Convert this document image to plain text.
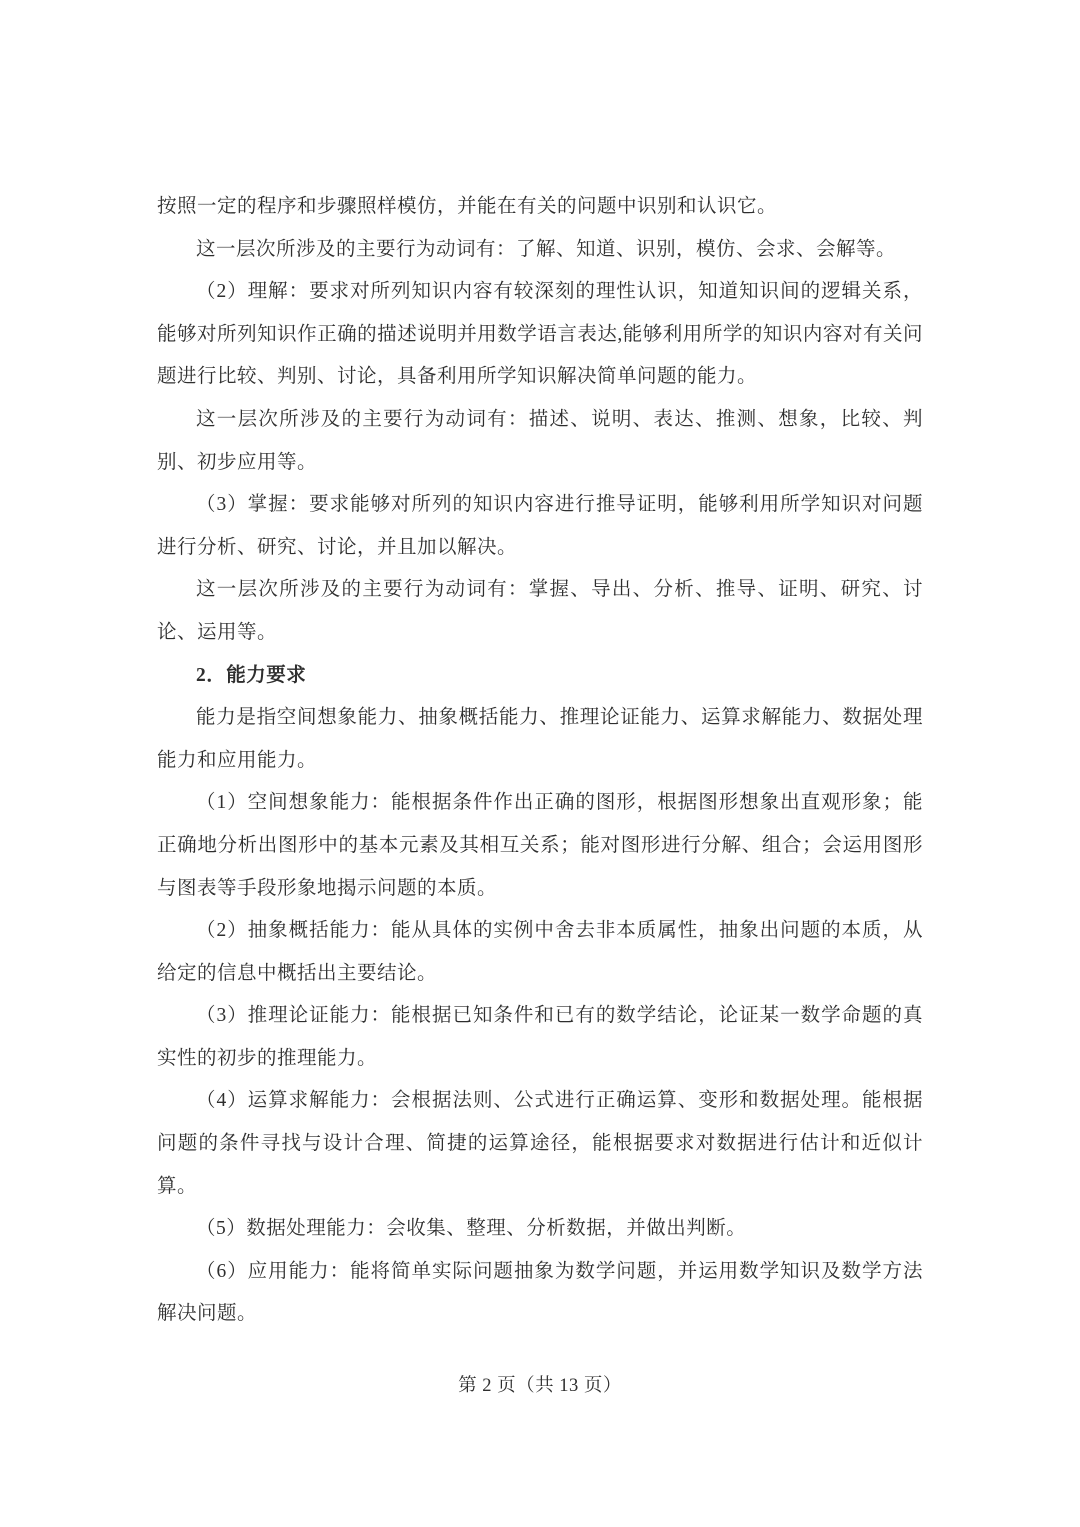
按照一定的程序和步骤照样模仿，并能在有关的问题中识别和认识它。

这一层次所涉及的主要行为动词有：了解、知道、识别，模仿、会求、会解等。

（2）理解：要求对所列知识内容有较深刻的理性认识，知道知识间的逻辑关系，能够对所列知识作正确的描述说明并用数学语言表达,能够利用所学的知识内容对有关问题进行比较、判别、讨论，具备利用所学知识解决简单问题的能力。

这一层次所涉及的主要行为动词有：描述、说明、表达、推测、想象，比较、判别、初步应用等。

（3）掌握：要求能够对所列的知识内容进行推导证明，能够利用所学知识对问题进行分析、研究、讨论，并且加以解决。

这一层次所涉及的主要行为动词有：掌握、导出、分析、推导、证明、研究、讨论、运用等。

2．能力要求

能力是指空间想象能力、抽象概括能力、推理论证能力、运算求解能力、数据处理能力和应用能力。

（1）空间想象能力：能根据条件作出正确的图形，根据图形想象出直观形象；能正确地分析出图形中的基本元素及其相互关系；能对图形进行分解、组合；会运用图形与图表等手段形象地揭示问题的本质。

（2）抽象概括能力：能从具体的实例中舍去非本质属性，抽象出问题的本质，从给定的信息中概括出主要结论。

（3）推理论证能力：能根据已知条件和已有的数学结论，论证某一数学命题的真实性的初步的推理能力。

（4）运算求解能力：会根据法则、公式进行正确运算、变形和数据处理。能根据问题的条件寻找与设计合理、简捷的运算途径，能根据要求对数据进行估计和近似计算。

（5）数据处理能力：会收集、整理、分析数据，并做出判断。

（6）应用能力：能将简单实际问题抽象为数学问题，并运用数学知识及数学方法解决问题。

第 2 页（共 13 页）
